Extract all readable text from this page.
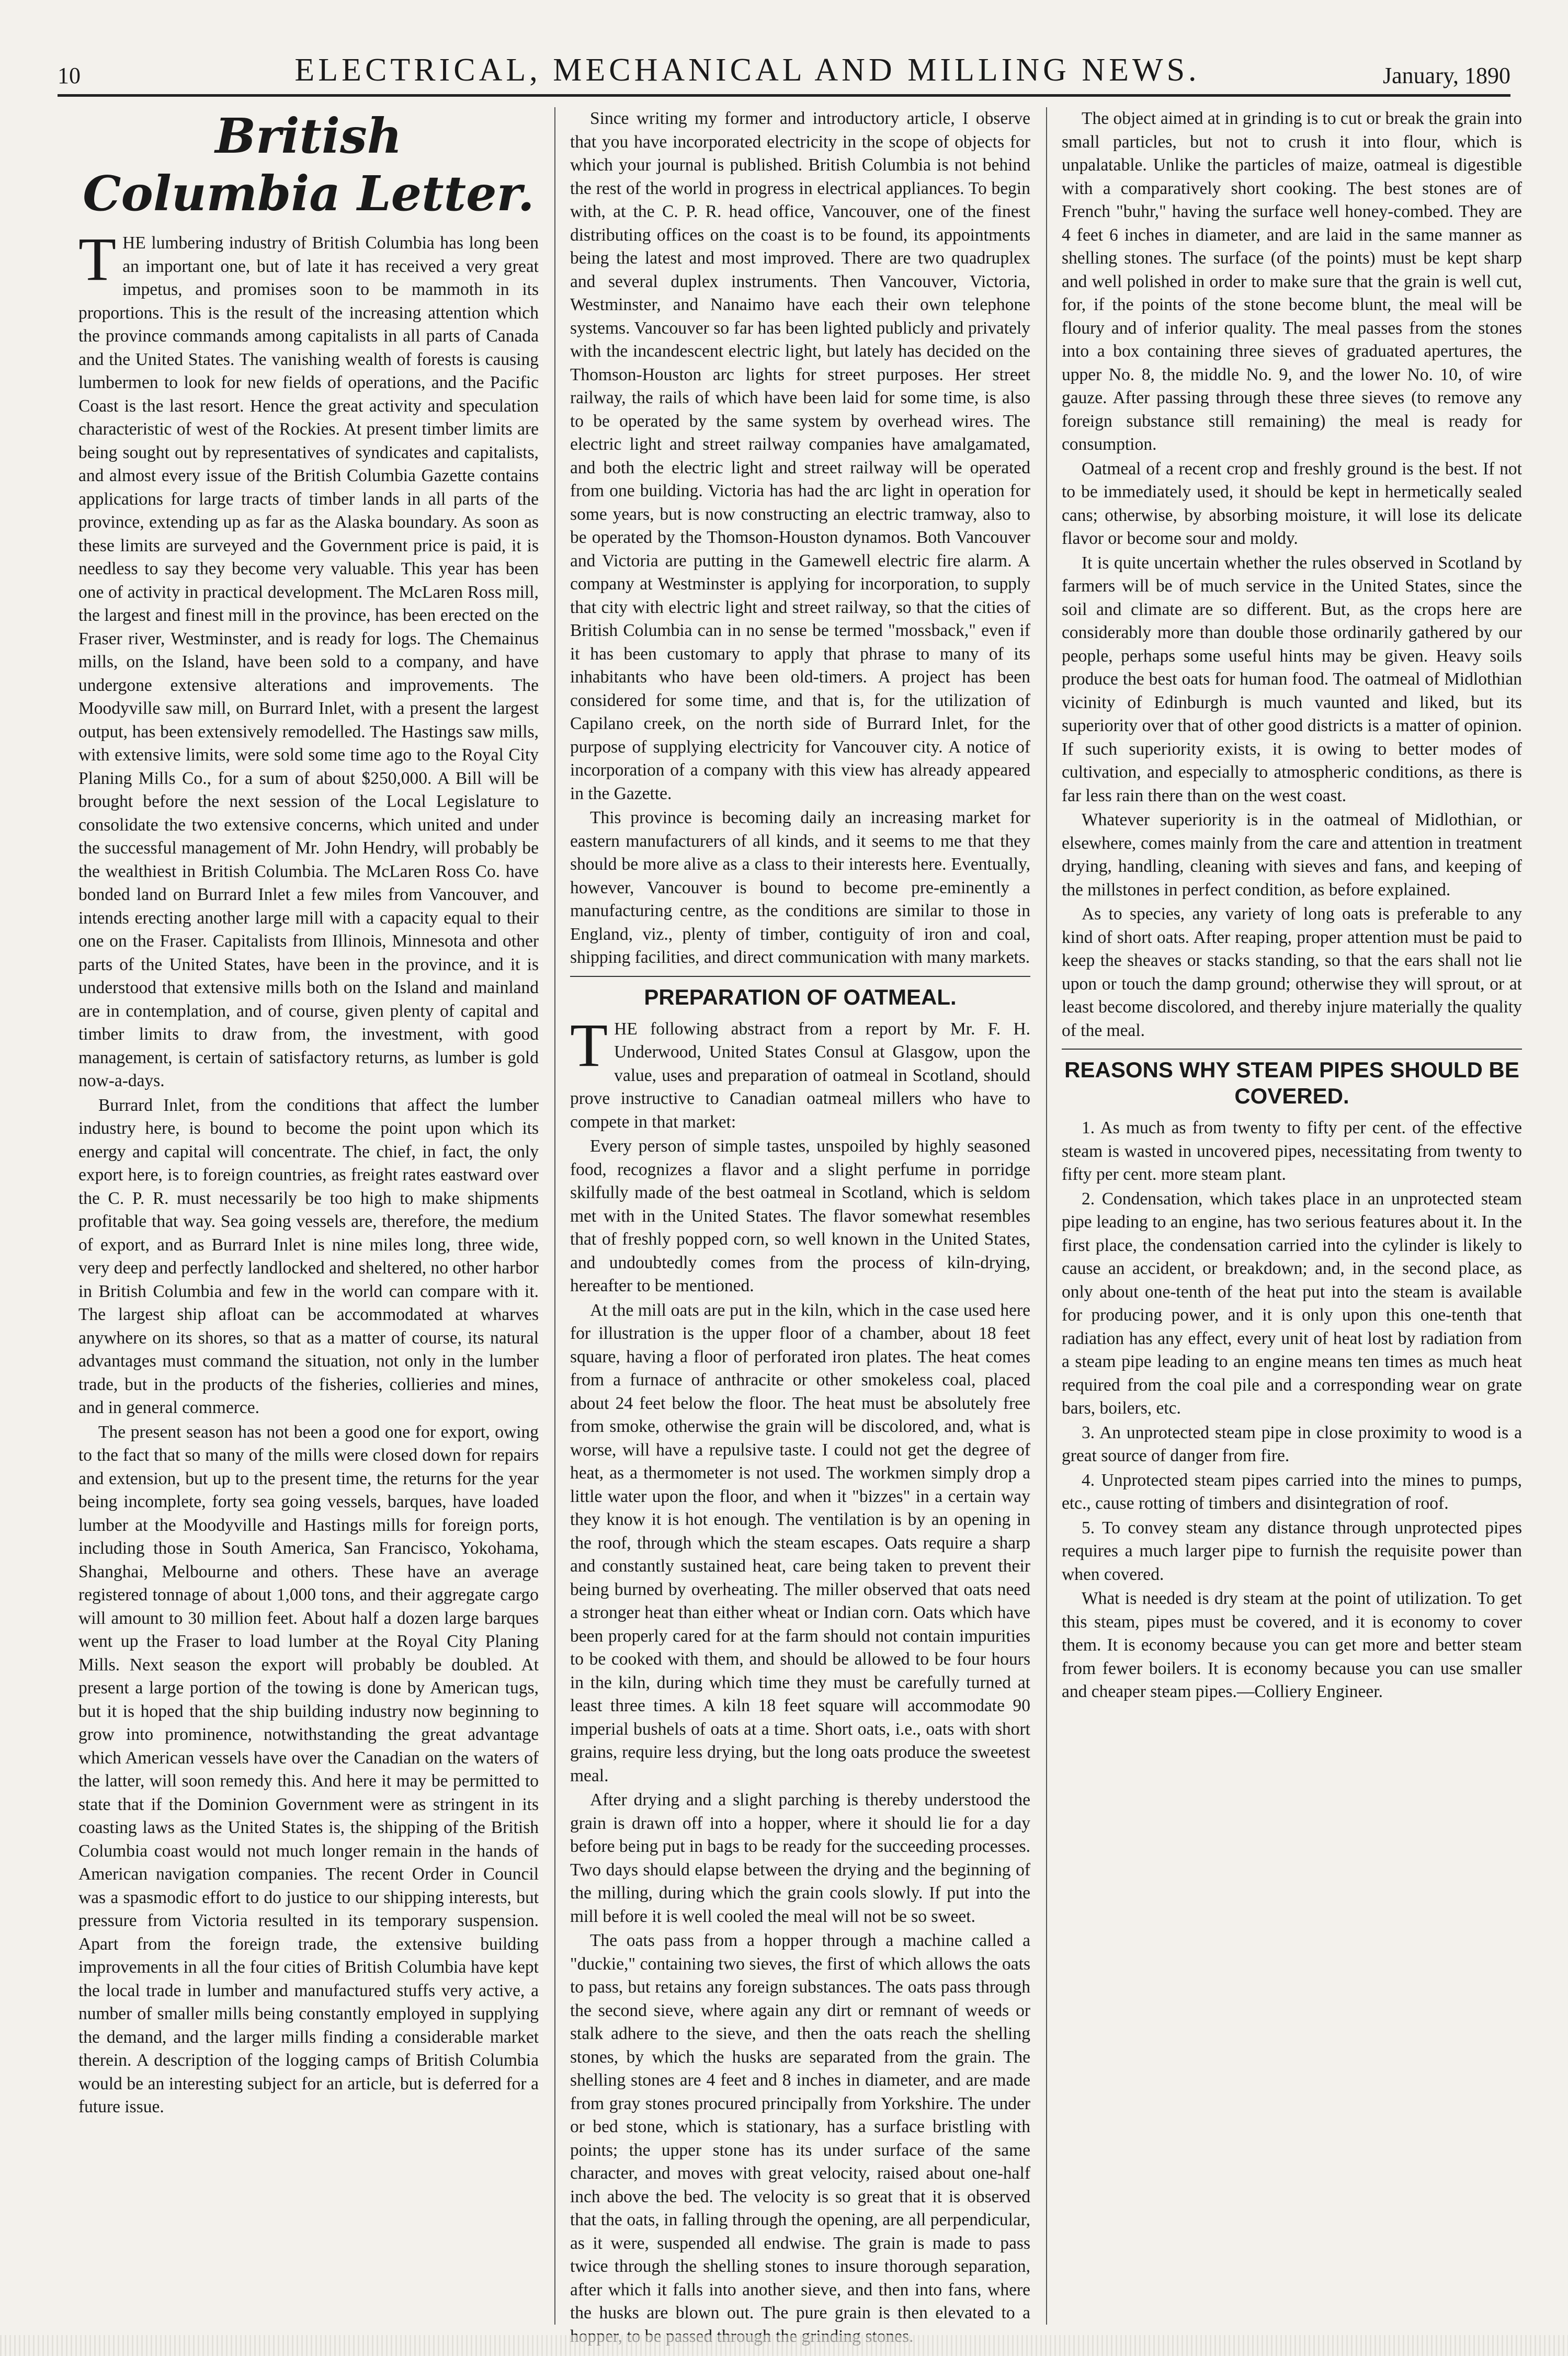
10	ELECTRICAL, MECHANICAL AND MILLING NEWS.	January, 1890
British Columbia Letter.

THE lumbering industry of British Columbia has long been an important one, but of late it has received a very great impetus, and promises soon to be mammoth in its proportions. This is the result of the increasing attention which the province commands among capitalists in all parts of Canada and the United States. The vanishing wealth of forests is causing lumbermen to look for new fields of operations, and the Pacific Coast is the last resort. Hence the great activity and speculation characteristic of west of the Rockies. At present timber limits are being sought out by representatives of syndicates and capitalists, and almost every issue of the British Columbia Gazette contains applications for large tracts of timber lands in all parts of the province, extending up as far as the Alaska boundary. As soon as these limits are surveyed and the Government price is paid, it is needless to say they become very valuable. This year has been one of activity in practical development. The McLaren Ross mill, the largest and finest mill in the province, has been erected on the Fraser river, Westminster, and is ready for logs. The Chemainus mills, on the Island, have been sold to a company, and have undergone extensive alterations and improvements. The Moodyville saw mill, on Burrard Inlet, with a present the largest output, has been extensively remodelled. The Hastings saw mills, with extensive limits, were sold some time ago to the Royal City Planing Mills Co., for a sum of about $250,000. A Bill will be brought before the next session of the Local Legislature to consolidate the two extensive concerns, which united and under the successful management of Mr. John Hendry, will probably be the wealthiest in British Columbia. The McLaren Ross Co. have bonded land on Burrard Inlet a few miles from Vancouver, and intends erecting another large mill with a capacity equal to their one on the Fraser. Capitalists from Illinois, Minnesota and other parts of the United States, have been in the province, and it is understood that extensive mills both on the Island and mainland are in contemplation, and of course, given plenty of capital and timber limits to draw from, the investment, with good management, is certain of satisfactory returns, as lumber is gold now-a-days.

Burrard Inlet, from the conditions that affect the lumber industry here, is bound to become the point upon which its energy and capital will concentrate. The chief, in fact, the only export here, is to foreign countries, as freight rates eastward over the C. P. R. must necessarily be too high to make shipments profitable that way. Sea going vessels are, therefore, the medium of export, and as Burrard Inlet is nine miles long, three wide, very deep and perfectly landlocked and sheltered, no other harbor in British Columbia and few in the world can compare with it. The largest ship afloat can be accommodated at wharves anywhere on its shores, so that as a matter of course, its natural advantages must command the situation, not only in the lumber trade, but in the products of the fisheries, collieries and mines, and in general commerce.

The present season has not been a good one for export, owing to the fact that so many of the mills were closed down for repairs and extension, but up to the present time, the returns for the year being incomplete, forty sea going vessels, barques, have loaded lumber at the Moodyville and Hastings mills for foreign ports, including those in South America, San Francisco, Yokohama, Shanghai, Melbourne and others. These have an average registered tonnage of about 1,000 tons, and their aggregate cargo will amount to 30 million feet. About half a dozen large barques went up the Fraser to load lumber at the Royal City Planing Mills. Next season the export will probably be doubled. At present a large portion of the towing is done by American tugs, but it is hoped that the ship building industry now beginning to grow into prominence, notwithstanding the great advantage which American vessels have over the Canadian on the waters of the latter, will soon remedy this. And here it may be permitted to state that if the Dominion Government were as stringent in its coasting laws as the United States is, the shipping of the British Columbia coast would not much longer remain in the hands of American navigation companies. The recent Order in Council was a spasmodic effort to do justice to our shipping interests, but pressure from Victoria resulted in its temporary suspension. Apart from the foreign trade, the extensive building improvements in all the four cities of British Columbia have kept the local trade in lumber and manufactured stuffs very active, a number of smaller mills being constantly employed in supplying the demand, and the larger mills finding a considerable market therein. A description of the logging camps of British Columbia would be an interesting subject for an article, but is deferred for a future issue.

Since writing my former and introductory article, I observe that you have incorporated electricity in the scope of objects for which your journal is published. British Columbia is not behind the rest of the world in progress in electrical appliances. To begin with, at the C. P. R. head office, Vancouver, one of the finest distributing offices on the coast is to be found, its appointments being the latest and most improved. There are two quadruplex and several duplex instruments. Then Vancouver, Victoria, Westminster, and Nanaimo have each their own telephone systems. Vancouver so far has been lighted publicly and privately with the incandescent electric light, but lately has decided on the Thomson-Houston arc lights for street purposes. Her street railway, the rails of which have been laid for some time, is also to be operated by the same system by overhead wires. The electric light and street railway companies have amalgamated, and both the electric light and street railway will be operated from one building. Victoria has had the arc light in operation for some years, but is now constructing an electric tramway, also to be operated by the Thomson-Houston dynamos. Both Vancouver and Victoria are putting in the Gamewell electric fire alarm. A company at Westminster is applying for incorporation, to supply that city with electric light and street railway, so that the cities of British Columbia can in no sense be termed "mossback," even if it has been customary to apply that phrase to many of its inhabitants who have been old-timers. A project has been considered for some time, and that is, for the utilization of Capilano creek, on the north side of Burrard Inlet, for the purpose of supplying electricity for Vancouver city. A notice of incorporation of a company with this view has already appeared in the Gazette.

This province is becoming daily an increasing market for eastern manufacturers of all kinds, and it seems to me that they should be more alive as a class to their interests here. Eventually, however, Vancouver is bound to become pre-eminently a manufacturing centre, as the conditions are similar to those in England, viz., plenty of timber, contiguity of iron and coal, shipping facilities, and direct communication with many markets.

PREPARATION OF OATMEAL.

THE following abstract from a report by Mr. F. H. Underwood, United States Consul at Glasgow, upon the value, uses and preparation of oatmeal in Scotland, should prove instructive to Canadian oatmeal millers who have to compete in that market:

Every person of simple tastes, unspoiled by highly seasoned food, recognizes a flavor and a slight perfume in porridge skilfully made of the best oatmeal in Scotland, which is seldom met with in the United States. The flavor somewhat resembles that of freshly popped corn, so well known in the United States, and undoubtedly comes from the process of kiln-drying, hereafter to be mentioned.

At the mill oats are put in the kiln, which in the case used here for illustration is the upper floor of a chamber, about 18 feet square, having a floor of perforated iron plates. The heat comes from a furnace of anthracite or other smokeless coal, placed about 24 feet below the floor. The heat must be absolutely free from smoke, otherwise the grain will be discolored, and, what is worse, will have a repulsive taste. I could not get the degree of heat, as a thermometer is not used. The workmen simply drop a little water upon the floor, and when it "bizzes" in a certain way they know it is hot enough. The ventilation is by an opening in the roof, through which the steam escapes. Oats require a sharp and constantly sustained heat, care being taken to prevent their being burned by overheating. The miller observed that oats need a stronger heat than either wheat or Indian corn. Oats which have been properly cared for at the farm should not contain impurities to be cooked with them, and should be allowed to be four hours in the kiln, during which time they must be carefully turned at least three times. A kiln 18 feet square will accommodate 90 imperial bushels of oats at a time. Short oats, i.e., oats with short grains, require less drying, but the long oats produce the sweetest meal.

After drying and a slight parching is thereby understood the grain is drawn off into a hopper, where it should lie for a day before being put in bags to be ready for the succeeding processes. Two days should elapse between the drying and the beginning of the milling, during which the grain cools slowly. If put into the mill before it is well cooled the meal will not be so sweet.

The oats pass from a hopper through a machine called a "duckie," containing two sieves, the first of which allows the oats to pass, but retains any foreign substances. The oats pass through the second sieve, where again any dirt or remnant of weeds or stalk adhere to the sieve, and then the oats reach the shelling stones, by which the husks are separated from the grain. The shelling stones are 4 feet and 8 inches in diameter, and are made from gray stones procured principally from Yorkshire. The under or bed stone, which is stationary, has a surface bristling with points; the upper stone has its under surface of the same character, and moves with great velocity, raised about one-half inch above the bed. The velocity is so great that it is observed that the oats, in falling through the opening, are all perpendicular, as it were, suspended all endwise. The grain is made to pass twice through the shelling stones to insure thorough separation, after which it falls into another sieve, and then into fans, where the husks are blown out. The pure grain is then elevated to a

The object aimed at in grinding is to cut or break the grain into small particles, but not to crush it into flour, which is unpalatable. Unlike the particles of maize, oatmeal is digestible with a comparatively short cooking. The best stones are of French "buhr," having the surface well honey-combed. They are 4 feet 6 inches in diameter, and are laid in the same manner as shelling stones. The surface (of the points) must be kept sharp and well polished in order to make sure that the grain is well cut, for, if the points of the stone become blunt, the meal will be floury and of inferior quality. The meal passes from the stones into a box containing three sieves of graduated apertures, the upper No. 8, the middle No. 9, and the lower No. 10, of wire gauze. After passing through these three sieves (to remove any foreign substance still remaining) the meal is ready for consumption.

Oatmeal of a recent crop and freshly ground is the best. If not to be immediately used, it should be kept in hermetically sealed cans; otherwise, by absorbing moisture, it will lose its delicate flavor or become sour and moldy.

It is quite uncertain whether the rules observed in Scotland by farmers will be of much service in the United States, since the soil and climate are so different. But, as the crops here are considerably more than double those ordinarily gathered by our people, perhaps some useful hints may be given. Heavy soils produce the best oats for human food. The oatmeal of Midlothian vicinity of Edinburgh is much vaunted and liked, but its superiority over that of other good districts is a matter of opinion. If such superiority exists, it is owing to better modes of cultivation, and especially to atmospheric conditions, as there is far less rain there than on the west coast.

Whatever superiority is in the oatmeal of Midlothian, or elsewhere, comes mainly from the care and attention in treatment drying, handling, cleaning with sieves and fans, and keeping of the millstones in perfect condition, as before explained.

As to species, any variety of long oats is preferable to any kind of short oats. After reaping, proper attention must be paid to keep the sheaves or stacks standing, so that the ears shall not lie upon or touch the damp ground; otherwise they will sprout, or at least become discolored, and thereby injure materially the quality of the meal.

REASONS WHY STEAM PIPES SHOULD BE COVERED.

1. As much as from twenty to fifty per cent. of the effective steam is wasted in uncovered pipes, necessitating from twenty to fifty per cent. more steam plant.

2. Condensation, which takes place in an unprotected steam pipe leading to an engine, has two serious features about it. In the first place, the condensation carried into the cylinder is likely to cause an accident, or breakdown; and, in the second place, as only about one-tenth of the heat put into the steam is available for producing power, and it is only upon this one-tenth that radiation has any effect, every unit of heat lost by radiation from a steam pipe leading to an engine means ten times as much heat required from the coal pile and a corresponding wear on grate bars, boilers, etc.

3. An unprotected steam pipe in close proximity to wood is a great source of danger from fire.

4. Unprotected steam pipes carried into the mines to pumps, etc., cause rotting of timbers and disintegration of roof.

5. To convey steam any distance through unprotected pipes requires a much larger pipe to furnish the requisite power than when covered.

What is needed is dry steam at the point of utilization. To get this steam, pipes must be covered, and it is economy to cover them. It is economy because you can get more and better steam from fewer boilers. It is economy because you can use smaller and cheaper steam pipes.—Colliery Engineer.
